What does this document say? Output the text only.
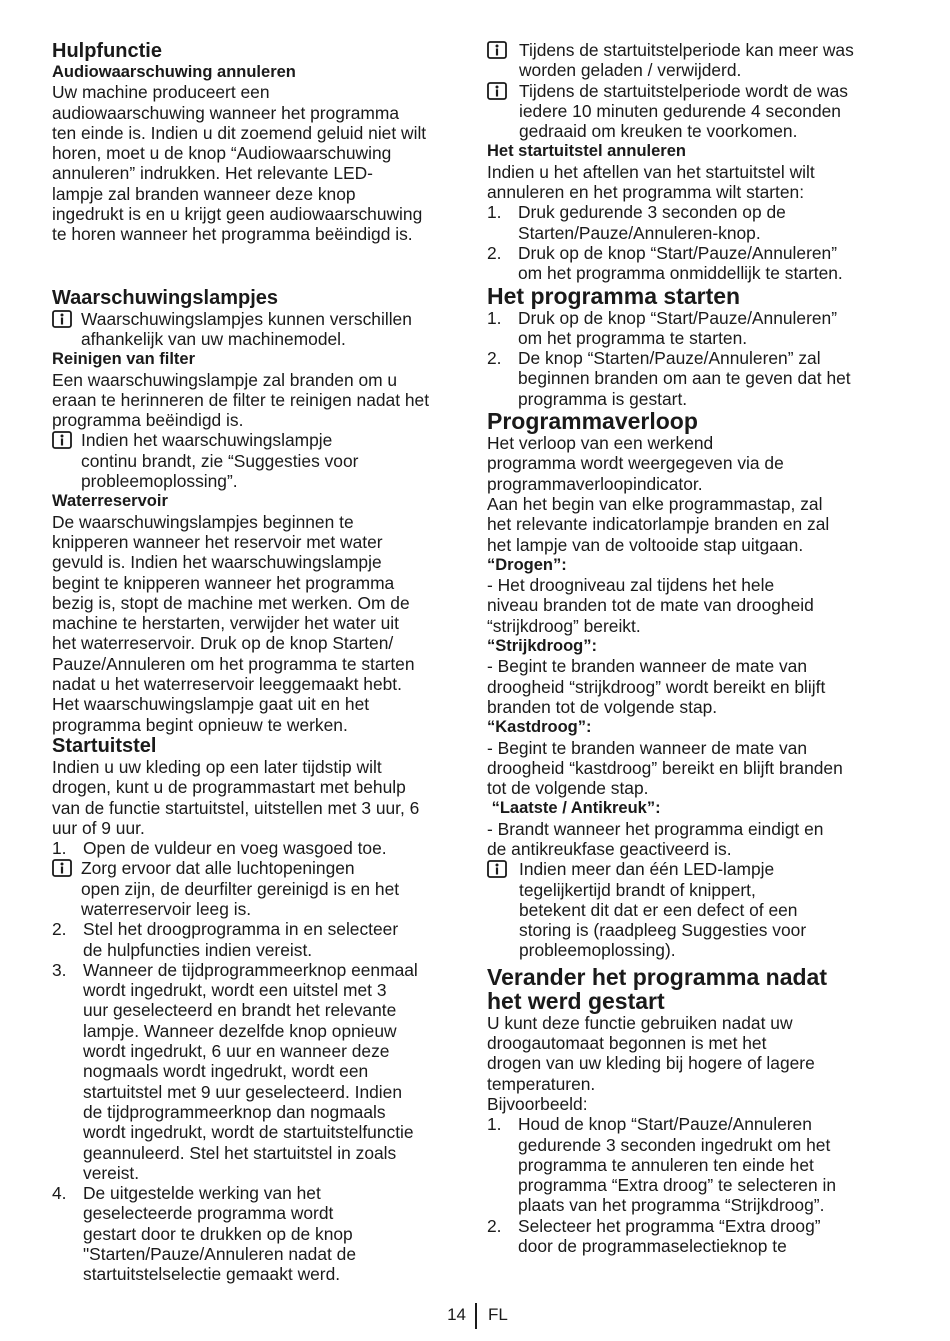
Hulpfunctie
Audiowaarschuwing annuleren
Uw machine produceert een
audiowaarschuwing wanneer het programma
ten einde is. Indien u dit zoemend geluid niet wilt
horen, moet u de knop “Audiowaarschuwing
annuleren” indrukken. Het relevante LED-
lampje zal branden wanneer deze knop
ingedrukt is en u krijgt geen audiowaarschuwing
te horen wanneer het programma beëindigd is.
Waarschuwingslampjes
Waarschuwingslampjes kunnen verschillen
afhankelijk van uw machinemodel.
Reinigen van filter
Een waarschuwingslampje zal branden om u
eraan te herinneren de filter te reinigen nadat het
programma beëindigd is.
Indien het waarschuwingslampje
continu brandt, zie “Suggesties voor
probleemoplossing”.
Waterreservoir
De waarschuwingslampjes beginnen te
knipperen wanneer het reservoir met water
gevuld is. Indien het waarschuwingslampje
begint te knipperen wanneer het programma
bezig is, stopt de machine met werken. Om de
machine te herstarten, verwijder het water uit
het waterreservoir. Druk op de knop Starten/
Pauze/Annuleren om het programma te starten
nadat u het waterreservoir leeggemaakt hebt.
Het waarschuwingslampje gaat uit en het
programma begint opnieuw te werken.
Startuitstel
Indien u uw kleding op een later tijdstip wilt
drogen, kunt u de programmastart met behulp
van de functie startuitstel, uitstellen met 3 uur, 6
uur of 9 uur.
1. Open de vuldeur en voeg wasgoed toe.
Zorg ervoor dat alle luchtopeningen
open zijn, de deurfilter gereinigd is en het
waterreservoir leeg is.
2. Stel het droogprogramma in en selecteer
de hulpfuncties indien vereist.
3. Wanneer de tijdprogrammeerknop eenmaal
wordt ingedrukt, wordt een uitstel met 3
uur geselecteerd en brandt het relevante
lampje. Wanneer dezelfde knop opnieuw
wordt ingedrukt, 6 uur en wanneer deze
nogmaals wordt ingedrukt, wordt een
startuitstel met 9 uur geselecteerd. Indien
de tijdprogrammeerknop dan nogmaals
wordt ingedrukt, wordt de startuitstelfunctie
geannuleerd. Stel het startuitstel in zoals
vereist.
4. De uitgestelde werking van het
geselecteerde programma wordt
gestart door te drukken op de knop
"Starten/Pauze/Annuleren nadat de
startuitstelselectie gemaakt werd.
Tijdens de startuitstelperiode kan meer was
worden geladen / verwijderd.
Tijdens de startuitstelperiode wordt de was
iedere 10 minuten gedurende 4 seconden
gedraaid om kreuken te voorkomen.
Het startuitstel annuleren
Indien u het aftellen van het startuitstel wilt
annuleren en het programma wilt starten:
1. Druk gedurende 3 seconden op de
Starten/Pauze/Annuleren-knop.
2. Druk op de knop “Start/Pauze/Annuleren”
om het programma onmiddellijk te starten.
Het programma starten
1. Druk op de knop “Start/Pauze/Annuleren”
om het programma te starten.
2. De knop “Starten/Pauze/Annuleren” zal
beginnen branden om aan te geven dat het
programma is gestart.
Programmaverloop
Het verloop van een werkend
programma wordt weergegeven via de
programmaverloopindicator.
Aan het begin van elke programmastap, zal
het relevante indicatorlampje branden en zal
het lampje van de voltooide stap uitgaan.
“Drogen”:
- Het droogniveau zal tijdens het hele
niveau branden tot de mate van droogheid
“strijkdroog” bereikt.
“Strijkdroog”:
- Begint te branden wanneer de mate van
droogheid “strijkdroog” wordt bereikt en blijft
branden tot de volgende stap.
“Kastdroog”:
- Begint te branden wanneer de mate van
droogheid “kastdroog” bereikt en blijft branden
tot de volgende stap.
“Laatste / Antikreuk”:
- Brandt wanneer het programma eindigt en
de antikreukfase geactiveerd is.
Indien meer dan één LED-lampje
tegelijkertijd brandt of knippert,
betekent dit dat er een defect of een
storing is (raadpleeg Suggesties voor
probleemoplossing).
Verander het programma nadat
het werd gestart
U kunt deze functie gebruiken nadat uw
droogautomaat begonnen is met het
drogen van uw kleding bij hogere of lagere
temperaturen.
Bijvoorbeeld:
1. Houd de knop “Start/Pauze/Annuleren
gedurende 3 seconden ingedrukt om het
programma te annuleren ten einde het
programma “Extra droog” te selecteren in
plaats van het programma “Strijkdroog”.
2. Selecteer het programma “Extra droog”
door de programmaselectieknop te
14 FL
